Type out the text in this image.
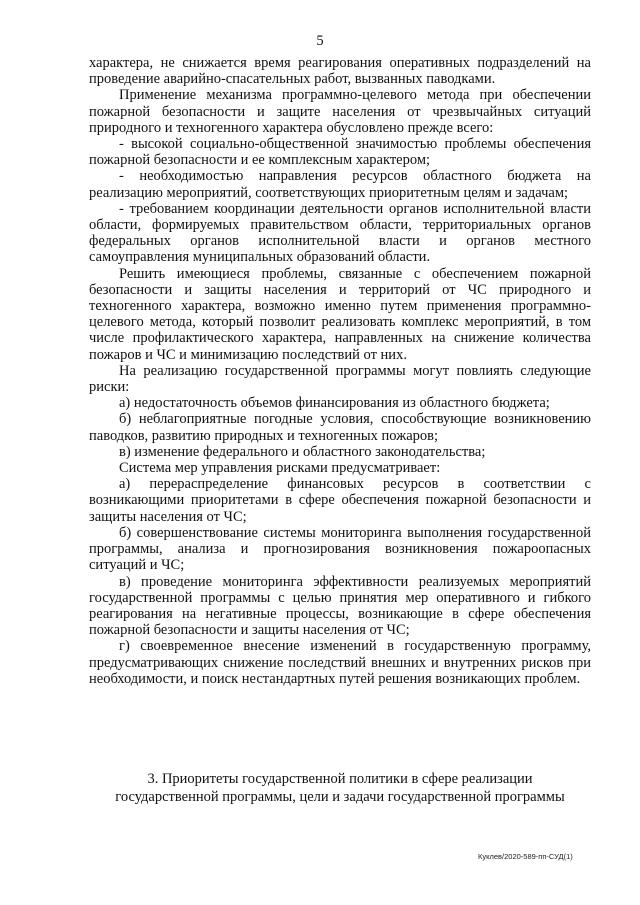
5

характера, не снижается время реагирования оперативных подразделений на проведение аварийно-спасательных работ, вызванных паводками.

Применение механизма программно-целевого метода при обеспечении пожарной безопасности и защите населения от чрезвычайных ситуаций природного и техногенного характера обусловлено прежде всего:

- высокой социально-общественной значимостью проблемы обеспечения пожарной безопасности и ее комплексным характером;

- необходимостью направления ресурсов областного бюджета на реализацию мероприятий, соответствующих приоритетным целям и задачам;

- требованием координации деятельности органов исполнительной власти области, формируемых правительством области, территориальных органов федеральных органов исполнительной власти и органов местного самоуправления муниципальных образований области.

Решить имеющиеся проблемы, связанные с обеспечением пожарной безопасности и защиты населения и территорий от ЧС природного и техногенного характера, возможно именно путем применения программно-целевого метода, который позволит реализовать комплекс мероприятий, в том числе профилактического характера, направленных на снижение количества пожаров и ЧС и минимизацию последствий от них.

На реализацию государственной программы могут повлиять следующие риски:

а) недостаточность объемов финансирования из областного бюджета;

б) неблагоприятные погодные условия, способствующие возникновению паводков, развитию природных и техногенных пожаров;

в) изменение федерального и областного законодательства;

Система мер управления рисками предусматривает:

а) перераспределение финансовых ресурсов в соответствии с возникающими приоритетами в сфере обеспечения пожарной безопасности и защиты населения от ЧС;

б) совершенствование системы мониторинга выполнения государственной программы, анализа и прогнозирования возникновения пожароопасных ситуаций и ЧС;

в) проведение мониторинга эффективности реализуемых мероприятий государственной программы с целью принятия мер оперативного и гибкого реагирования на негативные процессы, возникающие в сфере обеспечения пожарной безопасности и защиты населения от ЧС;

г) своевременное внесение изменений в государственную программу, предусматривающих снижение последствий внешних и внутренних рисков при необходимости, и поиск нестандартных путей решения возникающих проблем.

3. Приоритеты государственной политики в сфере реализации

государственной программы, цели и задачи государственной программы

Куклев/2020-589-пп-СУД(1)
